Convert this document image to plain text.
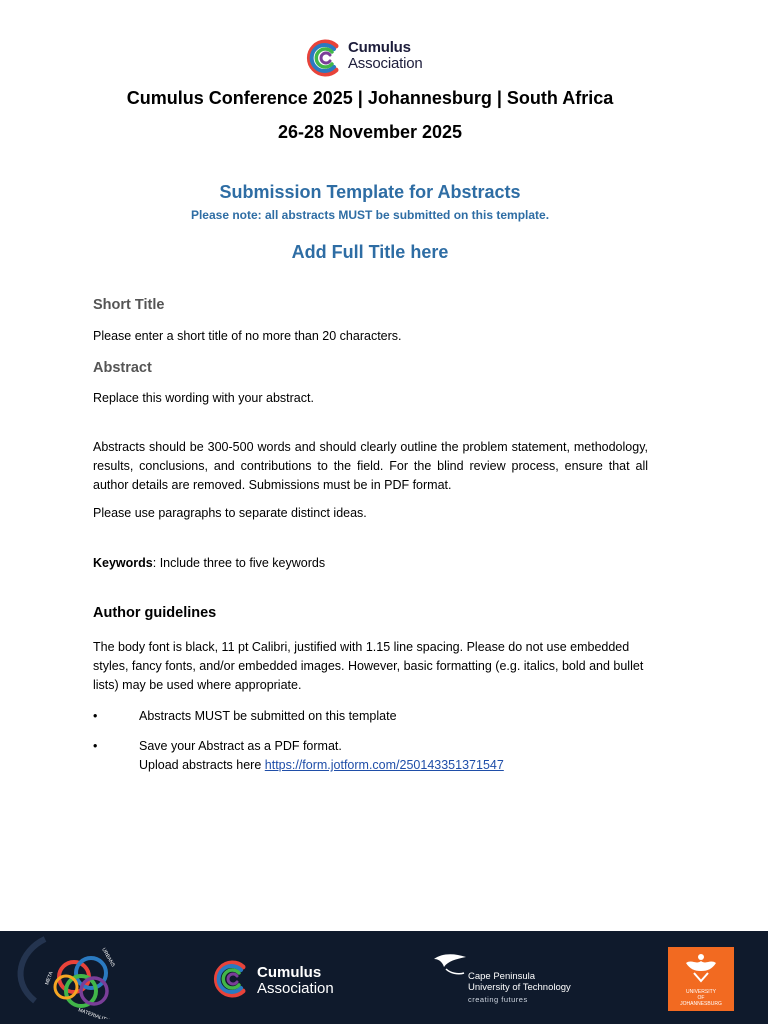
Cumulus
Association
Cumulus Conference 2025 | Johannesburg | South Africa
26-28 November 2025
Submission Template for Abstracts
Please note: all abstracts MUST be submitted on this template.
Add Full Title here
Short Title
Please enter a short title of no more than 20 characters.
Abstract
Replace this wording with your abstract.
Abstracts should be 300-500 words and should clearly outline the problem statement, methodology, results, conclusions, and contributions to the field. For the blind review process, ensure that all author details are removed. Submissions must be in PDF format.
Please use paragraphs to separate distinct ideas.
Keywords: Include three to five keywords
Author guidelines
The body font is black, 11 pt Calibri, justified with 1.15 line spacing. Please do not use embedded styles, fancy fonts, and/or embedded images. However, basic formatting (e.g. italics, bold and bullet lists) may be used where appropriate.
•	Abstracts MUST be submitted on this template
•	Save your Abstract as a PDF format.
Upload abstracts here https://form.jotform.com/250143351371547
META
URBANS
MATERIALITY
Cumulus
Association
Cape Peninsula
University of Technology
creating futures
UNIVERSITY
OF
JOHANNESBURG
